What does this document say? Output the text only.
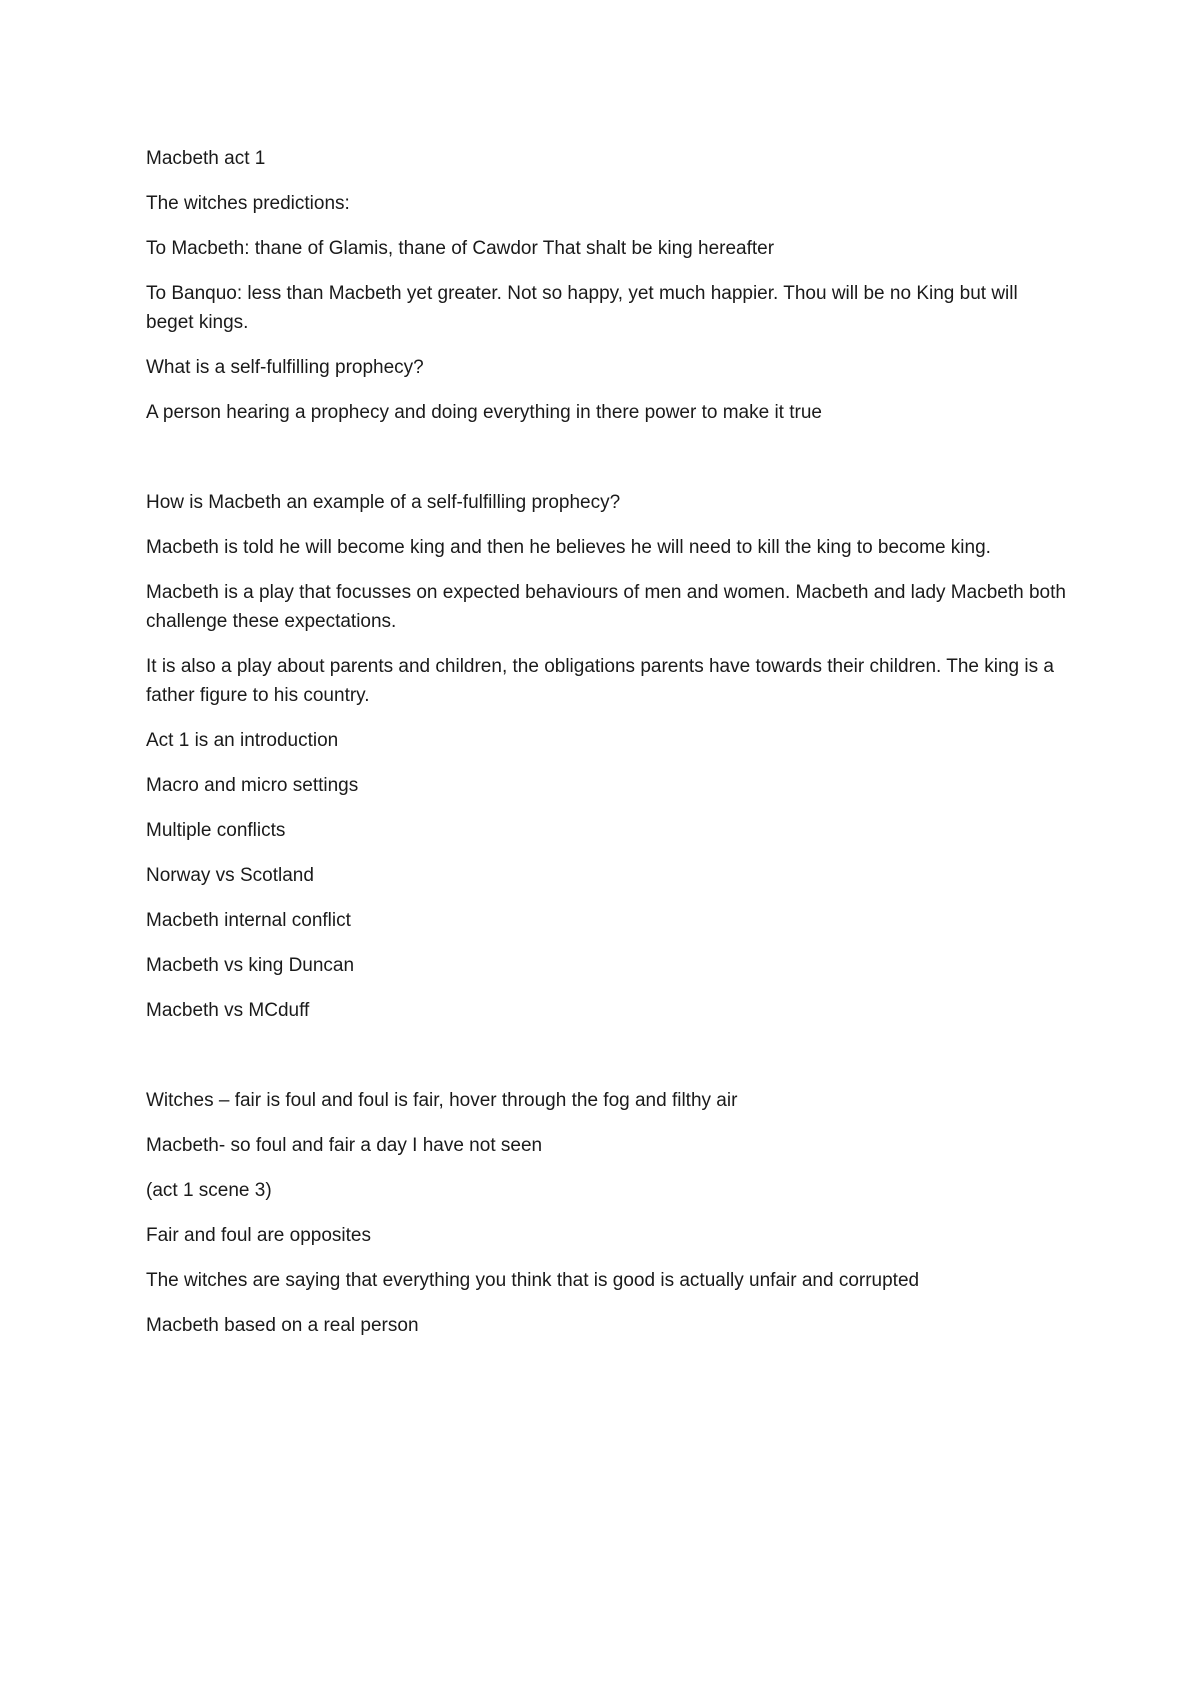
Macbeth act 1

The witches predictions:

To Macbeth: thane of Glamis, thane of Cawdor That shalt be king hereafter

To Banquo: less than Macbeth yet greater. Not so happy, yet much happier. Thou will be no King but will beget kings.

What is a self-fulfilling prophecy?

A person hearing a prophecy and doing everything in there power to make it true

How is Macbeth an example of a self-fulfilling prophecy?

Macbeth is told he will become king and then he believes he will need to kill the king to become king.

Macbeth is a play that focusses on expected behaviours of men and women. Macbeth and lady Macbeth both challenge these expectations.

It is also a play about parents and children, the obligations parents have towards their children. The king is a father figure to his country.

Act 1 is an introduction

Macro and micro settings

Multiple conflicts

Norway vs Scotland

Macbeth internal conflict

Macbeth vs king Duncan

Macbeth vs MCduff

Witches – fair is foul and foul is fair, hover through the fog and filthy air

Macbeth- so foul and fair a day I have not seen

(act 1 scene 3)

Fair and foul are opposites

The witches are saying that everything you think that is good is actually unfair and corrupted

Macbeth based on a real person
